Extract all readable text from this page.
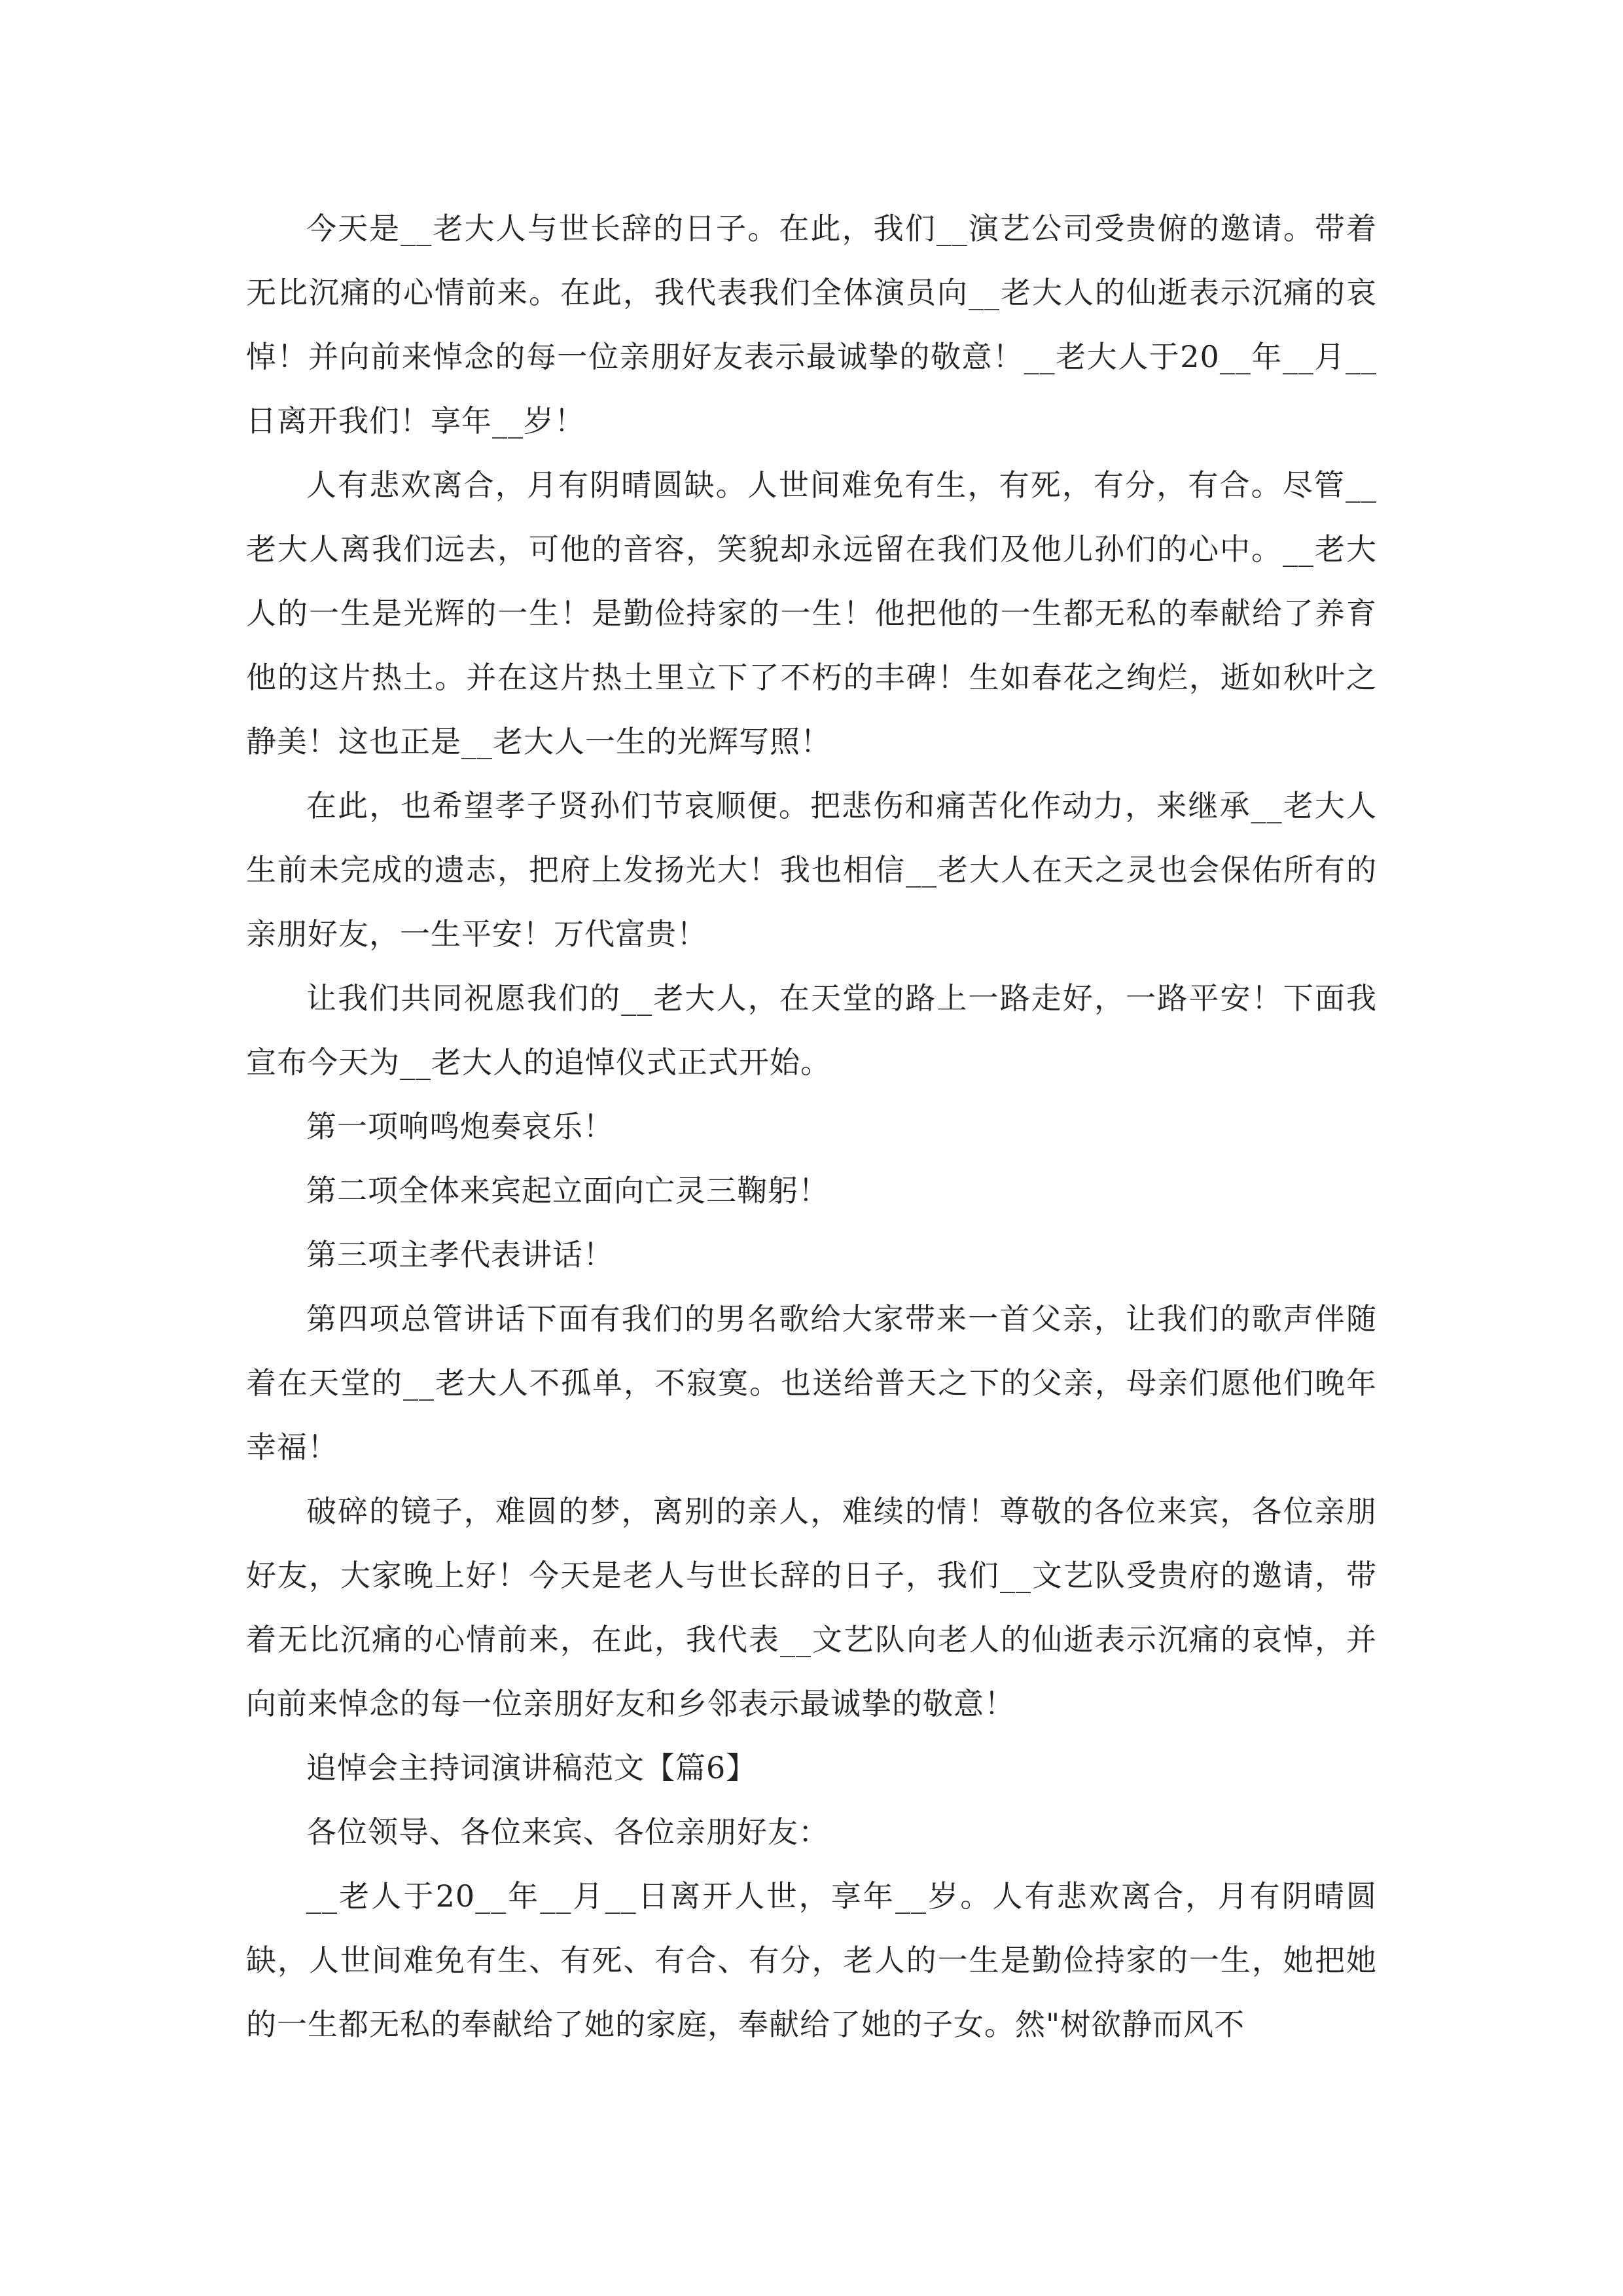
今天是__老大人与世长辞的日子。在此，我们__演艺公司受贵俯的邀请。带着无比沉痛的心情前来。在此，我代表我们全体演员向__老大人的仙逝表示沉痛的哀悼！并向前来悼念的每一位亲朋好友表示最诚挚的敬意！__老大人于20__年__月__日离开我们！享年__岁！

人有悲欢离合，月有阴晴圆缺。人世间难免有生，有死，有分，有合。尽管__老大人离我们远去，可他的音容，笑貌却永远留在我们及他儿孙们的心中。__老大人的一生是光辉的一生！是勤俭持家的一生！他把他的一生都无私的奉献给了养育他的这片热土。并在这片热土里立下了不朽的丰碑！生如春花之绚烂，逝如秋叶之静美！这也正是__老大人一生的光辉写照！

在此，也希望孝子贤孙们节哀顺便。把悲伤和痛苦化作动力，来继承__老大人生前未完成的遗志，把府上发扬光大！我也相信__老大人在天之灵也会保佑所有的亲朋好友，一生平安！万代富贵！

让我们共同祝愿我们的__老大人，在天堂的路上一路走好，一路平安！下面我宣布今天为__老大人的追悼仪式正式开始。

第一项响鸣炮奏哀乐！

第二项全体来宾起立面向亡灵三鞠躬！

第三项主孝代表讲话！

第四项总管讲话下面有我们的男名歌给大家带来一首父亲，让我们的歌声伴随着在天堂的__老大人不孤单，不寂寞。也送给普天之下的父亲，母亲们愿他们晚年幸福！

破碎的镜子，难圆的梦，离别的亲人，难续的情！尊敬的各位来宾，各位亲朋好友，大家晚上好！今天是老人与世长辞的日子，我们__文艺队受贵府的邀请，带着无比沉痛的心情前来，在此，我代表__文艺队向老人的仙逝表示沉痛的哀悼，并向前来悼念的每一位亲朋好友和乡邻表示最诚挚的敬意！

追悼会主持词演讲稿范文【篇6】

各位领导、各位来宾、各位亲朋好友：

__老人于20__年__月__日离开人世，享年__岁。人有悲欢离合，月有阴晴圆缺，人世间难免有生、有死、有合、有分，老人的一生是勤俭持家的一生，她把她的一生都无私的奉献给了她的家庭，奉献给了她的子女。然"树欲静而风不
